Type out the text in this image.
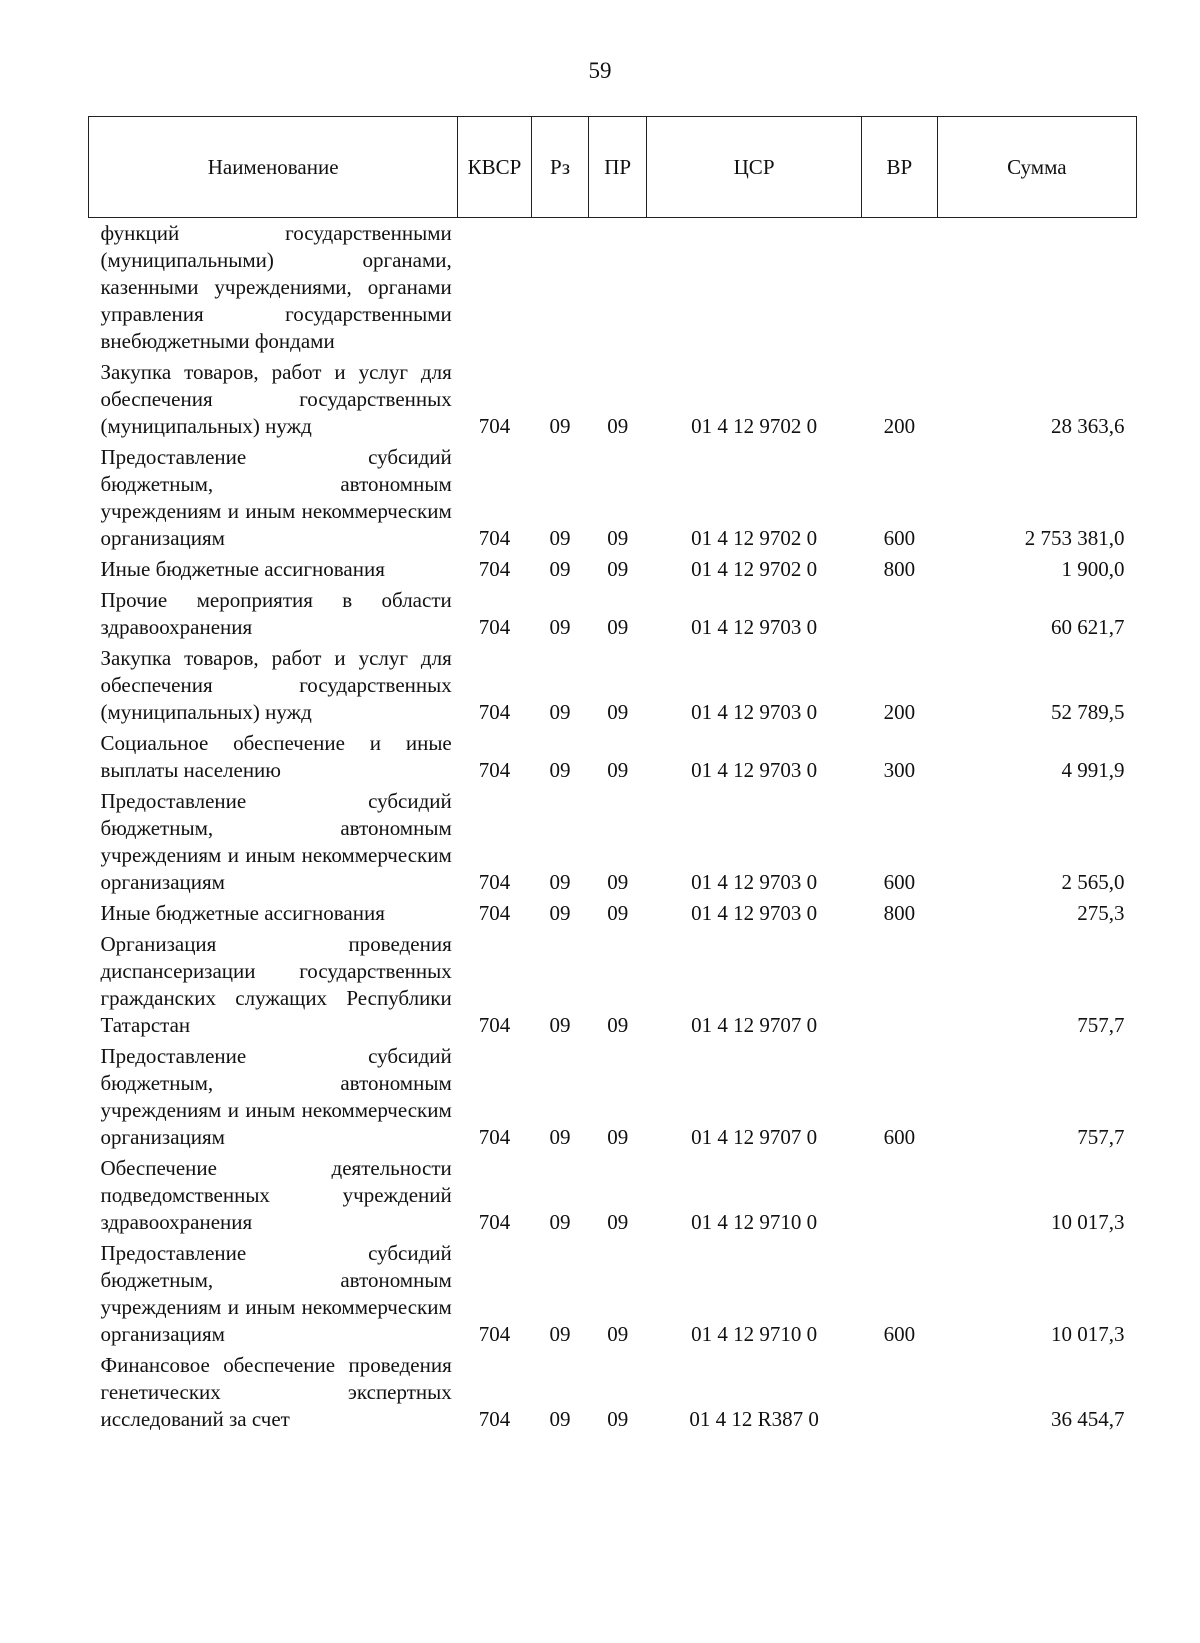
59
Наименование	КВСР	Рз	ПР	ЦСР	ВР	Сумма
функций государственными (муниципальными) органами, казенными учреждениями, органами управления государственными внебюджетными фондами						
Закупка товаров, работ и услуг для обеспечения государственных (муниципальных) нужд	704	09	09	01 4 12 9702 0	200	28 363,6
Предоставление субсидий бюджетным, автономным учреждениям и иным некоммерческим организациям	704	09	09	01 4 12 9702 0	600	2 753 381,0
Иные бюджетные ассигнования	704	09	09	01 4 12 9702 0	800	1 900,0
Прочие мероприятия в области здравоохранения	704	09	09	01 4 12 9703 0		60 621,7
Закупка товаров, работ и услуг для обеспечения государственных (муниципальных) нужд	704	09	09	01 4 12 9703 0	200	52 789,5
Социальное обеспечение и иные выплаты населению	704	09	09	01 4 12 9703 0	300	4 991,9
Предоставление субсидий бюджетным, автономным учреждениям и иным некоммерческим организациям	704	09	09	01 4 12 9703 0	600	2 565,0
Иные бюджетные ассигнования	704	09	09	01 4 12 9703 0	800	275,3
Организация проведения диспансеризации государственных гражданских служащих Республики Татарстан	704	09	09	01 4 12 9707 0		757,7
Предоставление субсидий бюджетным, автономным учреждениям и иным некоммерческим организациям	704	09	09	01 4 12 9707 0	600	757,7
Обеспечение деятельности подведомственных учреждений здравоохранения	704	09	09	01 4 12 9710 0		10 017,3
Предоставление субсидий бюджетным, автономным учреждениям и иным некоммерческим организациям	704	09	09	01 4 12 9710 0	600	10 017,3
Финансовое обеспечение проведения генетических экспертных исследований за счет	704	09	09	01 4 12 R387 0		36 454,7
